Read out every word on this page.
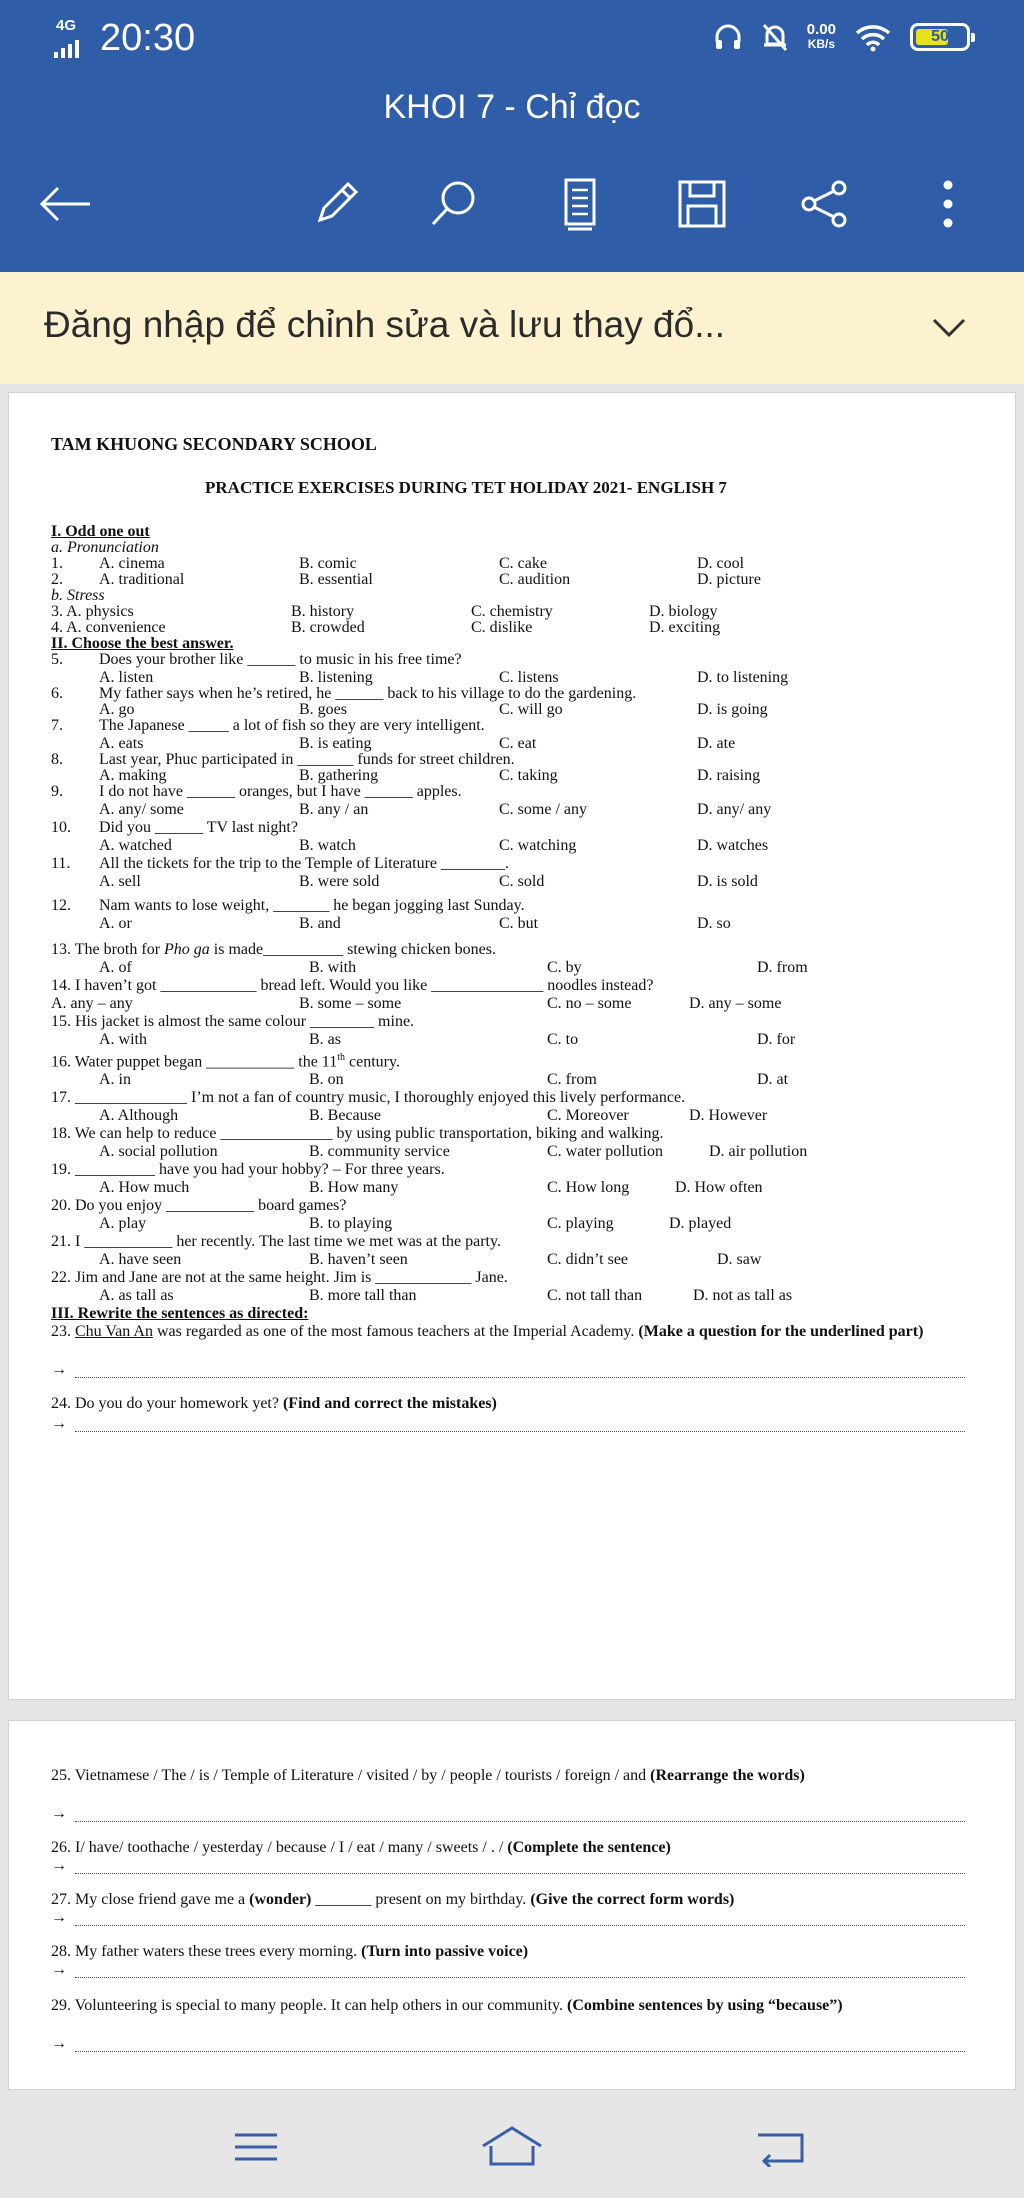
4G 20:30	0.00
KB/s	50
KHOI 7 - Chỉ đọc
Đăng nhập để chỉnh sửa và lưu thay đổ...
TAM KHUONG SECONDARY SCHOOL
PRACTICE EXERCISES DURING TET HOLIDAY 2021- ENGLISH 7
I. Odd one out
a. Pronunciation
1. A. cinema	B. comic	C. cake	D. cool
2. A. traditional	B. essential	C. audition	D. picture
b. Stress
3. A. physics	B. history	C. chemistry	D. biology
4. A. convenience	B. crowded	C. dislike	D. exciting
II. Choose the best answer.
5. Does your brother like ______ to music in his free time?
A. listen	B. listening	C. listens	D. to listening
6. My father says when he’s retired, he ______ back to his village to do the gardening.
A. go	B. goes	C. will go	D. is going
7. The Japanese _____ a lot of fish so they are very intelligent.
A. eats	B. is eating	C. eat	D. ate
8. Last year, Phuc participated in _______ funds for street children.
A. making	B. gathering	C. taking	D. raising
9. I do not have ______ oranges, but I have ______ apples.
A. any/ some	B. any / an	C. some / any	D. any/ any
10. Did you ______ TV last night?
A. watched	B. watch	C. watching	D. watches
11. All the tickets for the trip to the Temple of Literature ________.
A. sell	B. were sold	C. sold	D. is sold
12. Nam wants to lose weight, _______ he began jogging last Sunday.
A. or	B. and	C. but	D. so
13. The broth for Pho ga is made__________ stewing chicken bones.
A. of	B. with	C. by	D. from
14. I haven’t got ____________ bread left. Would you like ______________ noodles instead?
A. any – any	B. some – some	C. no – some	D. any – some
15. His jacket is almost the same colour ________ mine.
A. with	B. as	C. to	D. for
16. Water puppet began ___________ the 11th century.
A. in	B. on	C. from	D. at
17. ______________ I’m not a fan of country music, I thoroughly enjoyed this lively performance.
A. Although	B. Because	C. Moreover	D. However
18. We can help to reduce ______________ by using public transportation, biking and walking.
A. social pollution	B. community service	C. water pollution	D. air pollution
19. __________ have you had your hobby? – For three years.
A. How much	B. How many	C. How long	D. How often
20. Do you enjoy ___________ board games?
A. play	B. to playing	C. playing	D. played
21. I ___________ her recently. The last time we met was at the party.
A. have seen	B. haven’t seen	C. didn’t see	D. saw
22. Jim and Jane are not at the same height. Jim is ____________ Jane.
A. as tall as	B. more tall than	C. not tall than	D. not as tall as
III. Rewrite the sentences as directed:
23. Chu Van An was regarded as one of the most famous teachers at the Imperial Academy. (Make a question for the underlined part)
→
24. Do you do your homework yet? (Find and correct the mistakes)
→
25. Vietnamese / The / is / Temple of Literature / visited / by / people / tourists / foreign / and (Rearrange the words)
→
26. I/ have/ toothache / yesterday / because / I / eat / many / sweets / . / (Complete the sentence)
→
27. My close friend gave me a (wonder) _______ present on my birthday. (Give the correct form words)
→
28. My father waters these trees every morning. (Turn into passive voice)
→
29. Volunteering is special to many people. It can help others in our community. (Combine sentences by using “because”)
→
